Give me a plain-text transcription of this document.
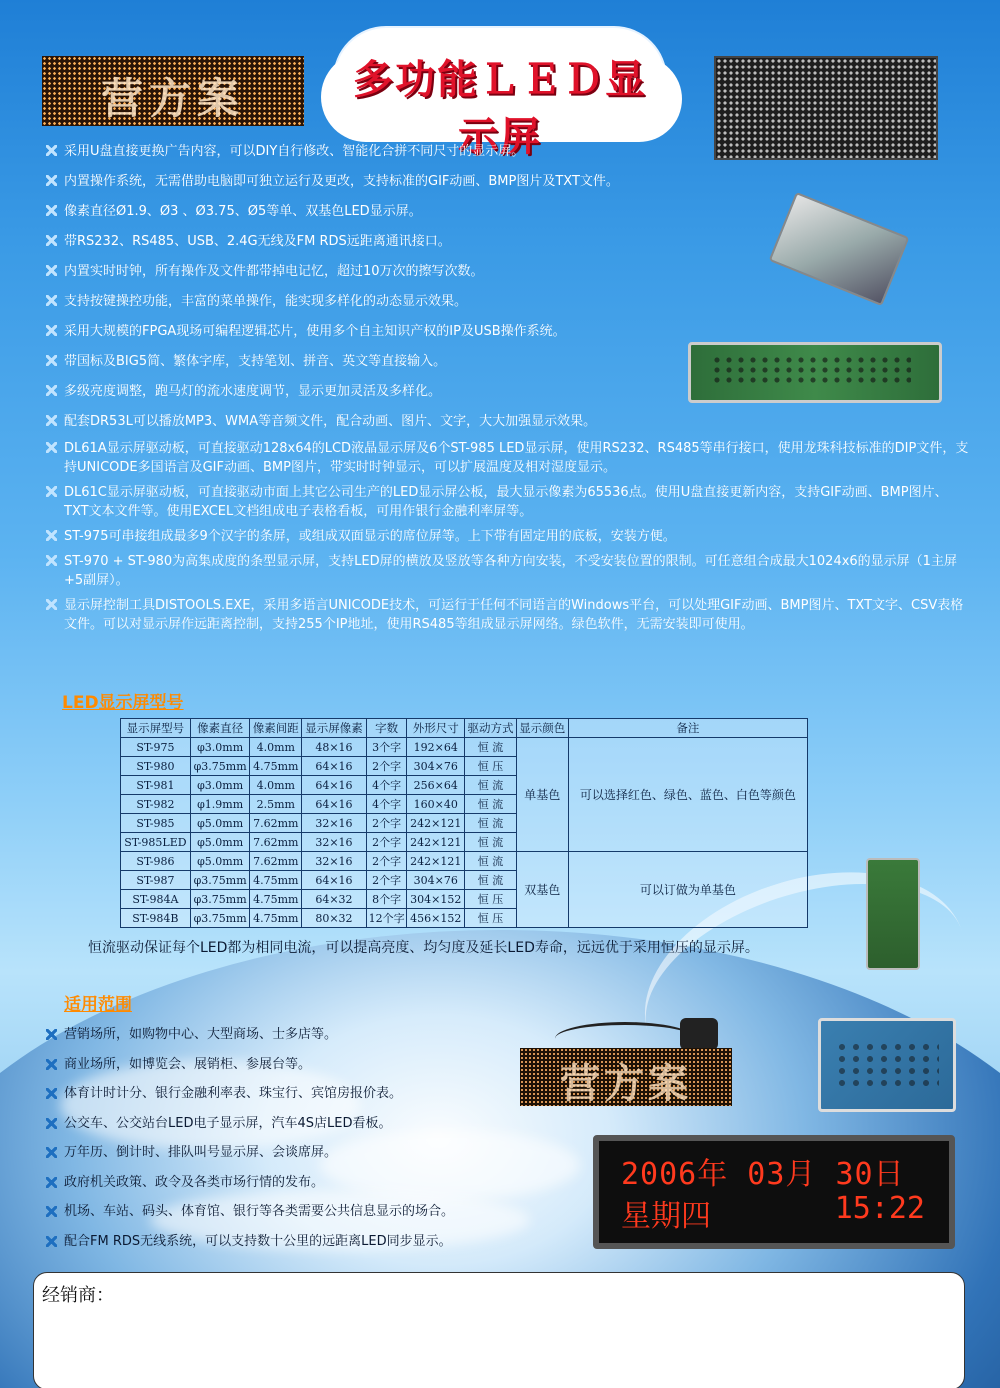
营方案	多功能ＬＥＤ显示屏

采用U盘直接更换广告内容，可以DIY自行修改、智能化合拼不同尺寸的显示屏。

内置操作系统，无需借助电脑即可独立运行及更改，支持标准的GIF动画、BMP图片及TXT文件。

像素直径Ø1.9、Ø3 、Ø3.75、Ø5等单、双基色LED显示屏。

带RS232、RS485、USB、2.4G无线及FM RDS远距离通讯接口。

内置实时时钟，所有操作及文件都带掉电记忆，超过10万次的擦写次数。

支持按键操控功能，丰富的菜单操作，能实现多样化的动态显示效果。

采用大规模的FPGA现场可编程逻辑芯片，使用多个自主知识产权的IP及USB操作系统。

带国标及BIG5简、繁体字库，支持笔划、拼音、英文等直接输入。

多级亮度调整，跑马灯的流水速度调节，显示更加灵活及多样化。

配套DR53L可以播放MP3、WMA等音频文件，配合动画、图片、文字，大大加强显示效果。

DL61A显示屏驱动板，可直接驱动128x64的LCD液晶显示屏及6个ST-985 LED显示屏，使用RS232、RS485等串行接口，使用龙珠科技标准的DIP文件，支持UNICODE多国语言及GIF动画、BMP图片，带实时时钟显示，可以扩展温度及相对湿度显示。

DL61C显示屏驱动板，可直接驱动市面上其它公司生产的LED显示屏公板，最大显示像素为65536点。使用U盘直接更新内容，支持GIF动画、BMP图片、TXT文本文件等。使用EXCEL文档组成电子表格看板，可用作银行金融利率屏等。

ST-975可串接组成最多9个汉字的条屏，或组成双面显示的席位屏等。上下带有固定用的底板，安装方便。

ST-970 + ST-980为高集成度的条型显示屏，支持LED屏的横放及竖放等各种方向安装，不受安装位置的限制。可任意组合成最大1024x6的显示屏（1主屏+5副屏）。

显示屏控制工具DISTOOLS.EXE，采用多语言UNICODE技术，可运行于任何不同语言的Windows平台，可以处理GIF动画、BMP图片、TXT文字、CSV表格文件。可以对显示屏作远距离控制，支持255个IP地址，使用RS485等组成显示屏网络。绿色软件，无需安装即可使用。

LED显示屏型号
显示屏型号	像素直径	像素间距	显示屏像素	字数	外形尺寸	驱动方式	显示颜色	备注
ST-975	φ3.0mm	4.0mm	48×16	3个字	192×64	恒 流	单基色	可以选择红色、绿色、蓝色、白色等颜色
ST-980	φ3.75mm	4.75mm	64×16	2个字	304×76	恒 压		
ST-981	φ3.0mm	4.0mm	64×16	4个字	256×64	恒 流		
ST-982	φ1.9mm	2.5mm	64×16	4个字	160×40	恒 流		
ST-985	φ5.0mm	7.62mm	32×16	2个字	242×121	恒 流		
ST-985LED	φ5.0mm	7.62mm	32×16	2个字	242×121	恒 流		
ST-986	φ5.0mm	7.62mm	32×16	2个字	242×121	恒 流	双基色	可以订做为单基色
ST-987	φ3.75mm	4.75mm	64×16	2个字	304×76	恒 流		
ST-984A	φ3.75mm	4.75mm	64×32	8个字	304×152	恒 压		
ST-984B	φ3.75mm	4.75mm	80×32	12个字	456×152	恒 压		
恒流驱动保证每个LED都为相同电流，可以提高亮度、均匀度及延长LED寿命，远远优于采用恒压的显示屏。
适用范围

营销场所，如购物中心、大型商场、士多店等。

商业场所，如博览会、展销柜、参展台等。

体育计时计分、银行金融利率表、珠宝行、宾馆房报价表。

公交车、公交站台LED电子显示屏，汽车4S店LED看板。

万年历、倒计时、排队叫号显示屏、会谈席屏。

政府机关政策、政令及各类市场行情的发布。

机场、车站、码头、体育馆、银行等各类需要公共信息显示的场合。

配合FM RDS无线系统，可以支持数十公里的远距离LED同步显示。

营方案
2006年 03月 30日
星期四	15:22
经销商：
